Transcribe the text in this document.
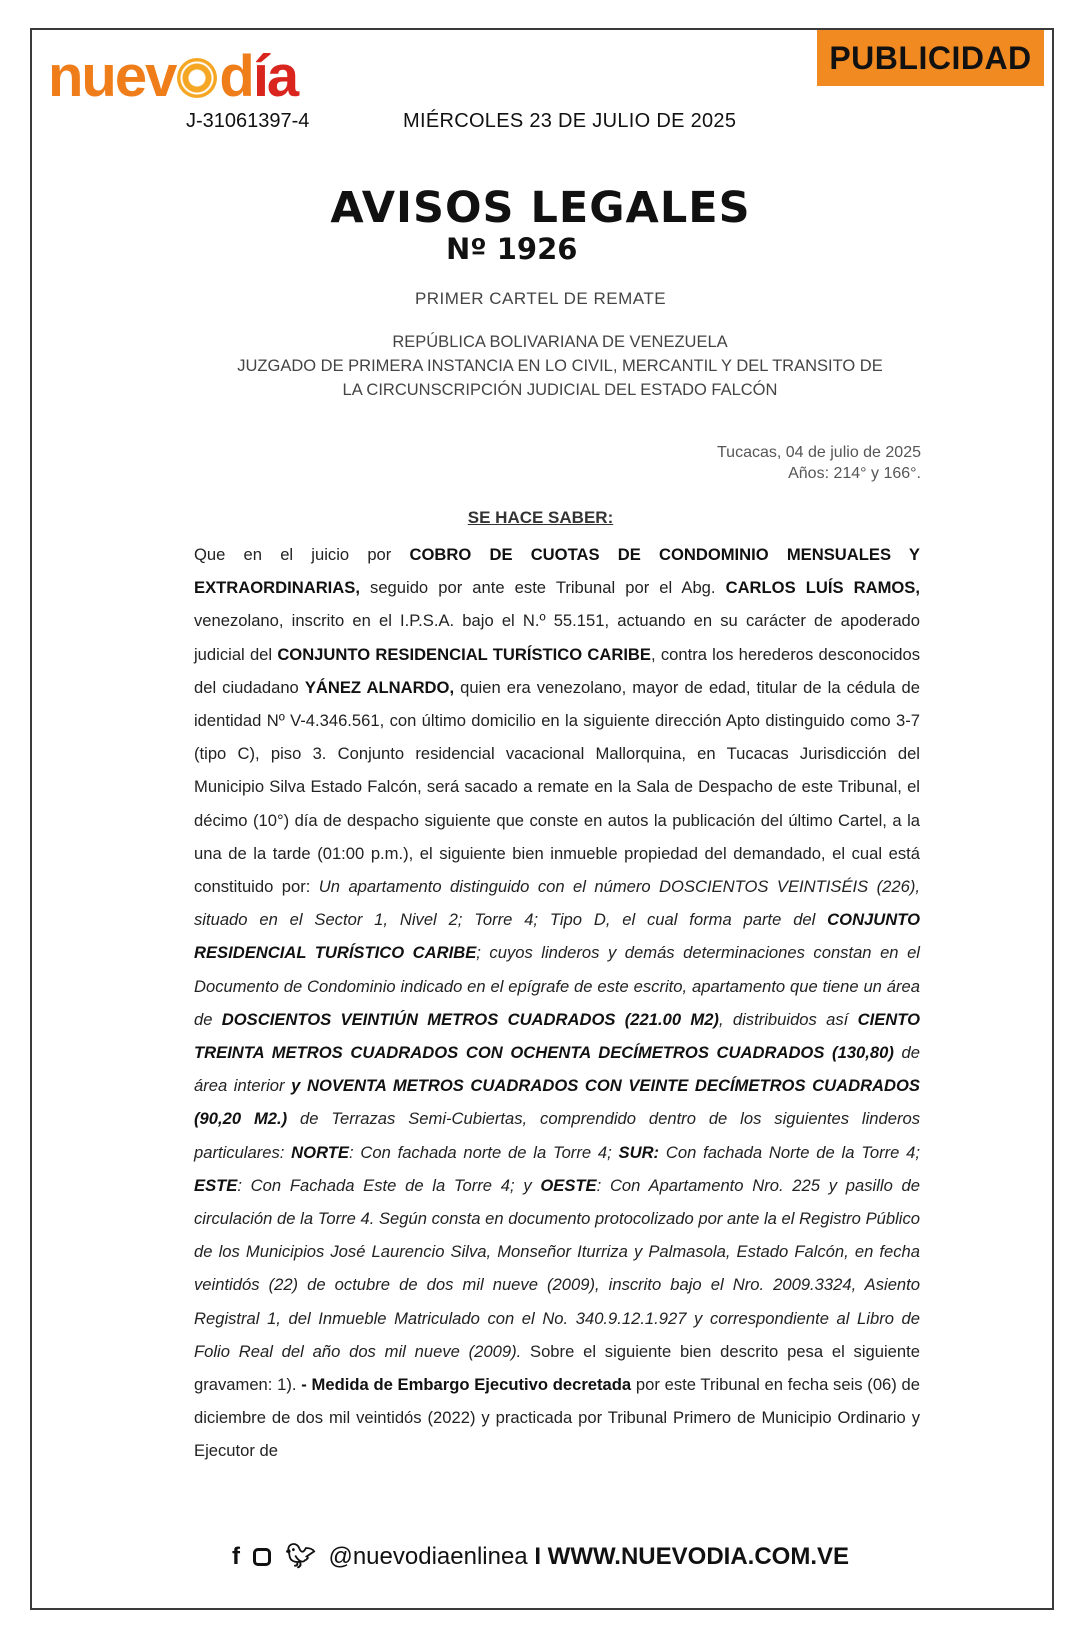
nuev día
J-31061397-4	MIÉRCOLES 23 DE JULIO DE 2025
PUBLICIDAD
AVISOS LEGALES
Nº 1926
PRIMER CARTEL DE REMATE
REPÚBLICA BOLIVARIANA DE VENEZUELA
JUZGADO DE PRIMERA INSTANCIA EN LO CIVIL, MERCANTIL Y DEL TRANSITO DE
LA CIRCUNSCRIPCIÓN JUDICIAL DEL ESTADO FALCÓN
Tucacas, 04 de julio de 2025
Años: 214° y 166°.
SE HACE SABER:
Que en el juicio por COBRO DE CUOTAS DE CONDOMINIO MENSUALES Y EXTRAORDINARIAS, seguido por ante este Tribunal por el Abg. CARLOS LUÍS RAMOS, venezolano, inscrito en el I.P.S.A. bajo el N.º 55.151, actuando en su carácter de apoderado judicial del CONJUNTO RESIDENCIAL TURÍSTICO CARIBE, contra los herederos desconocidos del ciudadano YÁNEZ ALNARDO, quien era venezolano, mayor de edad, titular de la cédula de identidad Nº V-4.346.561, con último domicilio en la siguiente dirección Apto distinguido como 3-7 (tipo C), piso 3. Conjunto residencial vacacional Mallorquina, en Tucacas Jurisdicción del Municipio Silva Estado Falcón, será sacado a remate en la Sala de Despacho de este Tribunal, el décimo (10°) día de despacho siguiente que conste en autos la publicación del último Cartel, a la una de la tarde (01:00 p.m.), el siguiente bien inmueble propiedad del demandado, el cual está constituido por: Un apartamento distinguido con el número DOSCIENTOS VEINTISÉIS (226), situado en el Sector 1, Nivel 2; Torre 4; Tipo D, el cual forma parte del CONJUNTO RESIDENCIAL TURÍSTICO CARIBE; cuyos linderos y demás determinaciones constan en el Documento de Condominio indicado en el epígrafe de este escrito, apartamento que tiene un área de DOSCIENTOS VEINTIÚN METROS CUADRADOS (221.00 M2), distribuidos así CIENTO TREINTA METROS CUADRADOS CON OCHENTA DECÍMETROS CUADRADOS (130,80) de área interior y NOVENTA METROS CUADRADOS CON VEINTE DECÍMETROS CUADRADOS (90,20 M2.) de Terrazas Semi-Cubiertas, comprendido dentro de los siguientes linderos particulares: NORTE: Con fachada norte de la Torre 4; SUR: Con fachada Norte de la Torre 4; ESTE: Con Fachada Este de la Torre 4; y OESTE: Con Apartamento Nro. 225 y pasillo de circulación de la Torre 4. Según consta en documento protocolizado por ante la el Registro Público de los Municipios José Laurencio Silva, Monseñor Iturriza y Palmasola, Estado Falcón, en fecha veintidós (22) de octubre de dos mil nueve (2009), inscrito bajo el Nro. 2009.3324, Asiento Registral 1, del Inmueble Matriculado con el No. 340.9.12.1.927 y correspondiente al Libro de Folio Real del año dos mil nueve (2009). Sobre el siguiente bien descrito pesa el siguiente gravamen: 1). - Medida de Embargo Ejecutivo decretada por este Tribunal en fecha seis (06) de diciembre de dos mil veintidós (2022) y practicada por Tribunal Primero de Municipio Ordinario y Ejecutor de
f 🐦︎ @nuevodiaenlinea I WWW.NUEVODIA.COM.VE
